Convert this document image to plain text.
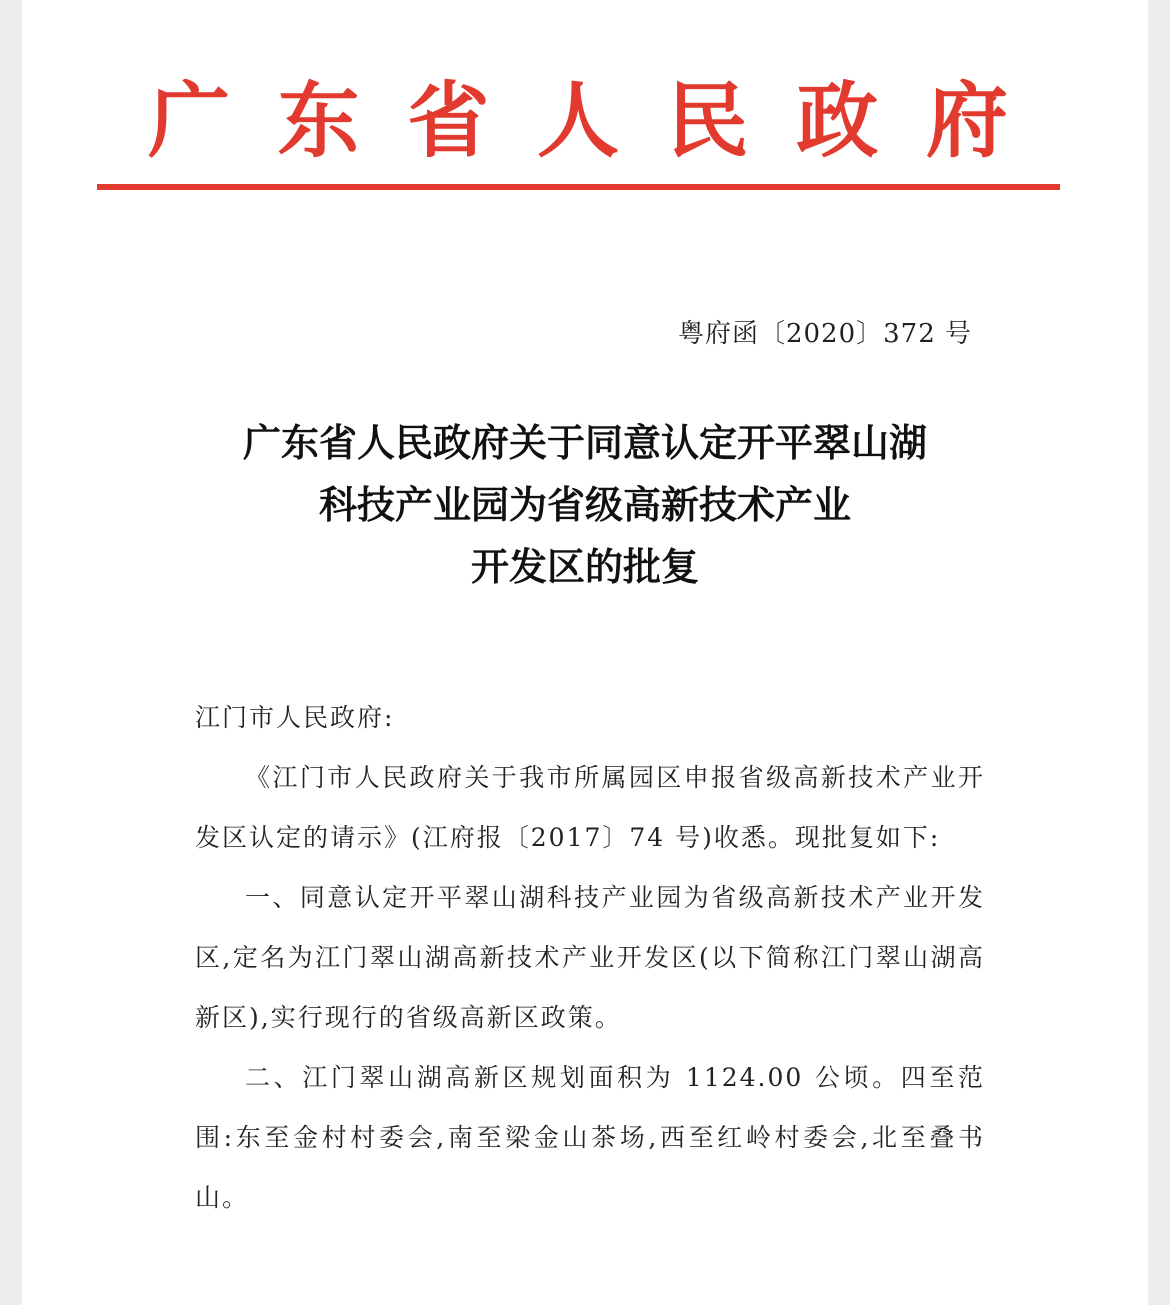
广 东 省 人 民 政 府
粤府函〔2020〕372 号
广东省人民政府关于同意认定开平翠山湖
科技产业园为省级高新技术产业
开发区的批复

江门市人民政府:

《江门市人民政府关于我市所属园区申报省级高新技术产业开发区认定的请示》(江府报〔2017〕74 号)收悉。现批复如下:

一、同意认定开平翠山湖科技产业园为省级高新技术产业开发区,定名为江门翠山湖高新技术产业开发区(以下简称江门翠山湖高新区),实行现行的省级高新区政策。

二、江门翠山湖高新区规划面积为 1124.00 公顷。四至范围:东至金村村委会,南至梁金山茶场,西至红岭村委会,北至叠书山。
